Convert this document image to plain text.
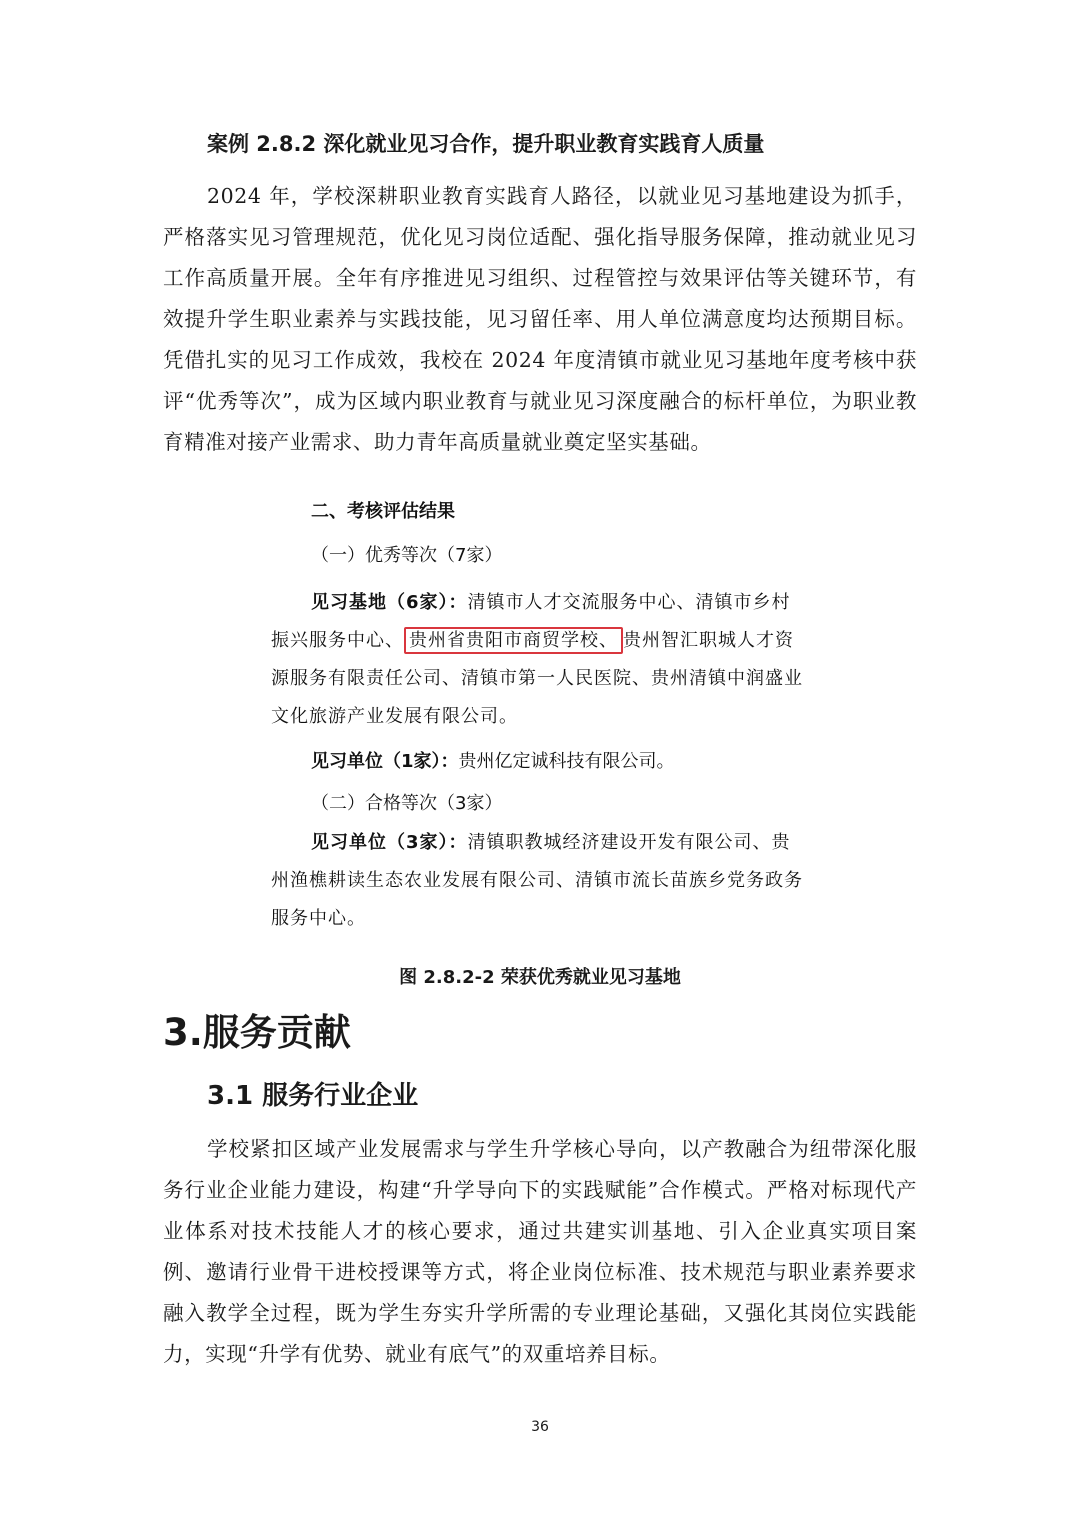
案例 2.8.2 深化就业见习合作，提升职业教育实践育人质量

2024 年，学校深耕职业教育实践育人路径，以就业见习基地建设为抓手，严格落实见习管理规范，优化见习岗位适配、强化指导服务保障，推动就业见习工作高质量开展。全年有序推进见习组织、过程管控与效果评估等关键环节，有效提升学生职业素养与实践技能，见习留任率、用人单位满意度均达预期目标。凭借扎实的见习工作成效，我校在 2024 年度清镇市就业见习基地年度考核中获评“优秀等次”，成为区域内职业教育与就业见习深度融合的标杆单位，为职业教育精准对接产业需求、助力青年高质量就业奠定坚实基础。

二、考核评估结果

（一）优秀等次（7家）

见习基地（6家）：清镇市人才交流服务中心、清镇市乡村振兴服务中心、 贵州省贵阳市商贸学校、 贵州智汇职城人才资源服务有限责任公司、清镇市第一人民医院、贵州清镇中润盛业文化旅游产业发展有限公司。

见习单位（1家）：贵州亿定诚科技有限公司。

（二）合格等次（3家）

见习单位（3家）：清镇职教城经济建设开发有限公司、贵州渔樵耕读生态农业发展有限公司、清镇市流长苗族乡党务政务服务中心。

图 2.8.2-2 荣获优秀就业见习基地

3.服务贡献
3.1 服务行业企业

学校紧扣区域产业发展需求与学生升学核心导向，以产教融合为纽带深化服务行业企业能力建设，构建“升学导向下的实践赋能”合作模式。严格对标现代产业体系对技术技能人才的核心要求，通过共建实训基地、引入企业真实项目案例、邀请行业骨干进校授课等方式，将企业岗位标准、技术规范与职业素养要求融入教学全过程，既为学生夯实升学所需的专业理论基础，又强化其岗位实践能力，实现“升学有优势、就业有底气”的双重培养目标。

36
